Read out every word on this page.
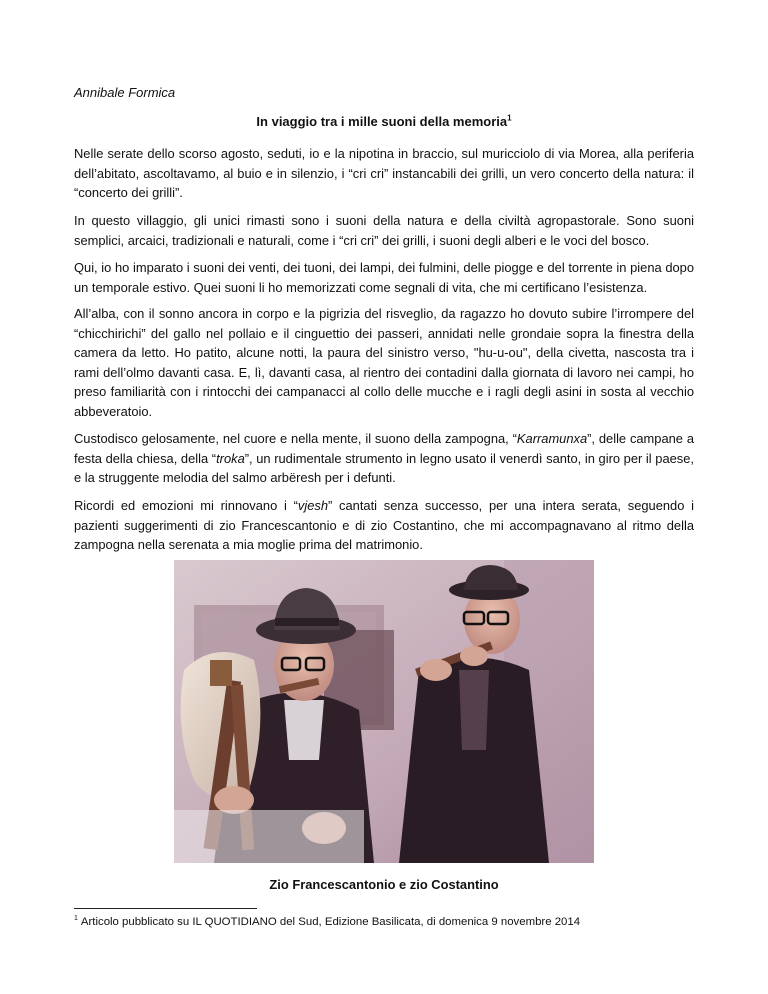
Annibale Formica

In viaggio tra i mille suoni della memoria$^1$

Nelle serate dello scorso agosto, seduti, io e la nipotina in braccio, sul muricciolo di via Morea, alla periferia dell’abitato, ascoltavamo, al buio e in silenzio, i “cri cri” instancabili dei grilli, un vero concerto della natura: il “concerto dei grilli”.

In questo villaggio, gli unici rimasti sono i suoni della natura e della civiltà agropastorale. Sono suoni semplici, arcaici, tradizionali e naturali, come i “cri cri” dei grilli, i suoni degli alberi e le voci del bosco.

Qui, io ho imparato i suoni dei venti, dei tuoni, dei lampi, dei fulmini, delle piogge e del torrente in piena dopo un temporale estivo. Quei suoni li ho memorizzati come segnali di vita, che mi certificano l’esistenza.

All’alba, con il sonno ancora in corpo e la pigrizia del risveglio, da ragazzo ho dovuto subire l’irrompere del “chicchirichi” del gallo nel pollaio e il cinguettio dei passeri, annidati nelle grondaie sopra la finestra della camera da letto. Ho patito, alcune notti, la paura del sinistro verso, "hu-u-ou", della civetta, nascosta tra i rami dell’olmo davanti casa. E, lì, davanti casa, al rientro dei contadini dalla giornata di lavoro nei campi, ho preso familiarità con i rintocchi dei campanacci al collo delle mucche e i ragli degli asini in sosta al vecchio abbeveratoio.

Custodisco gelosamente, nel cuore e nella mente, il suono della zampogna, “Karramunxa”, delle campane a festa della chiesa, della “troka”, un rudimentale strumento in legno usato il venerdì santo, in giro per il paese, e la struggente melodia del salmo arbëresh per i defunti.

Ricordi ed emozioni mi rinnovano i “vjesh” cantati senza successo, per una intera serata, seguendo i pazienti suggerimenti di zio Francescantonio e di zio Costantino, che mi accompagnavano al ritmo della zampogna nella serenata a mia moglie prima del matrimonio.

Zio Francescantonio e zio Costantino

$^1$ Articolo pubblicato su IL QUOTIDIANO del Sud, Edizione Basilicata, di domenica 9 novembre 2014
